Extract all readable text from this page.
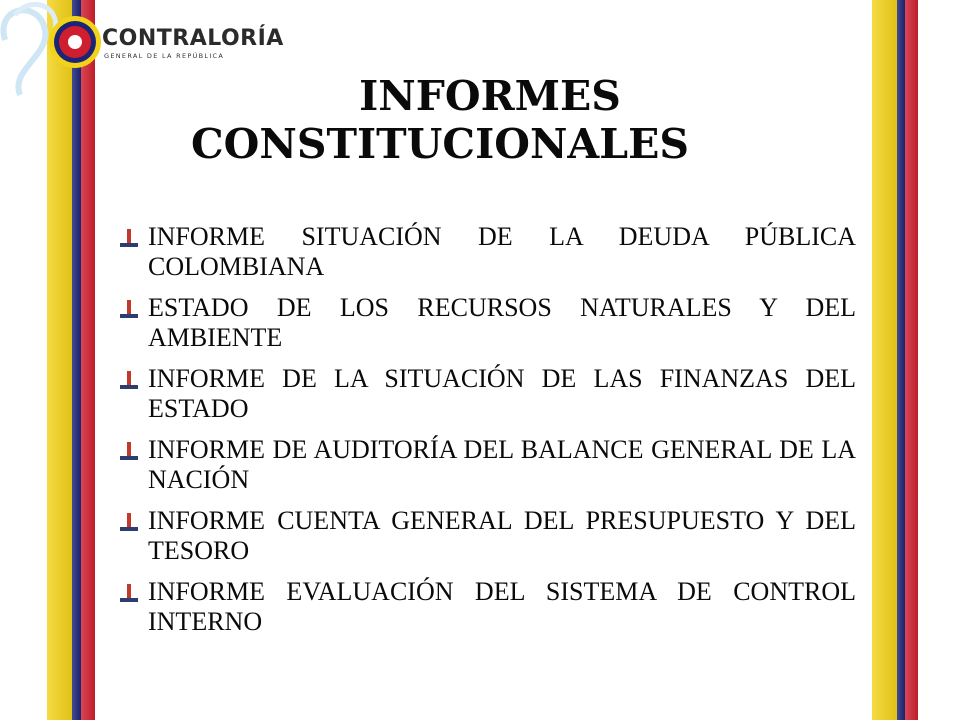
CONTRALORÍA
GENERAL DE LA REPÚBLICA
INFORMES
CONSTITUCIONALES
INFORME SITUACIÓN DE LA DEUDA PÚBLICA COLOMBIANA
ESTADO DE LOS RECURSOS NATURALES Y DEL AMBIENTE
INFORME DE LA SITUACIÓN DE LAS FINANZAS DEL ESTADO
INFORME DE AUDITORÍA DEL BALANCE GENERAL DE LA NACIÓN
INFORME CUENTA GENERAL DEL PRESUPUESTO Y DEL TESORO
INFORME EVALUACIÓN DEL SISTEMA DE CONTROL INTERNO
